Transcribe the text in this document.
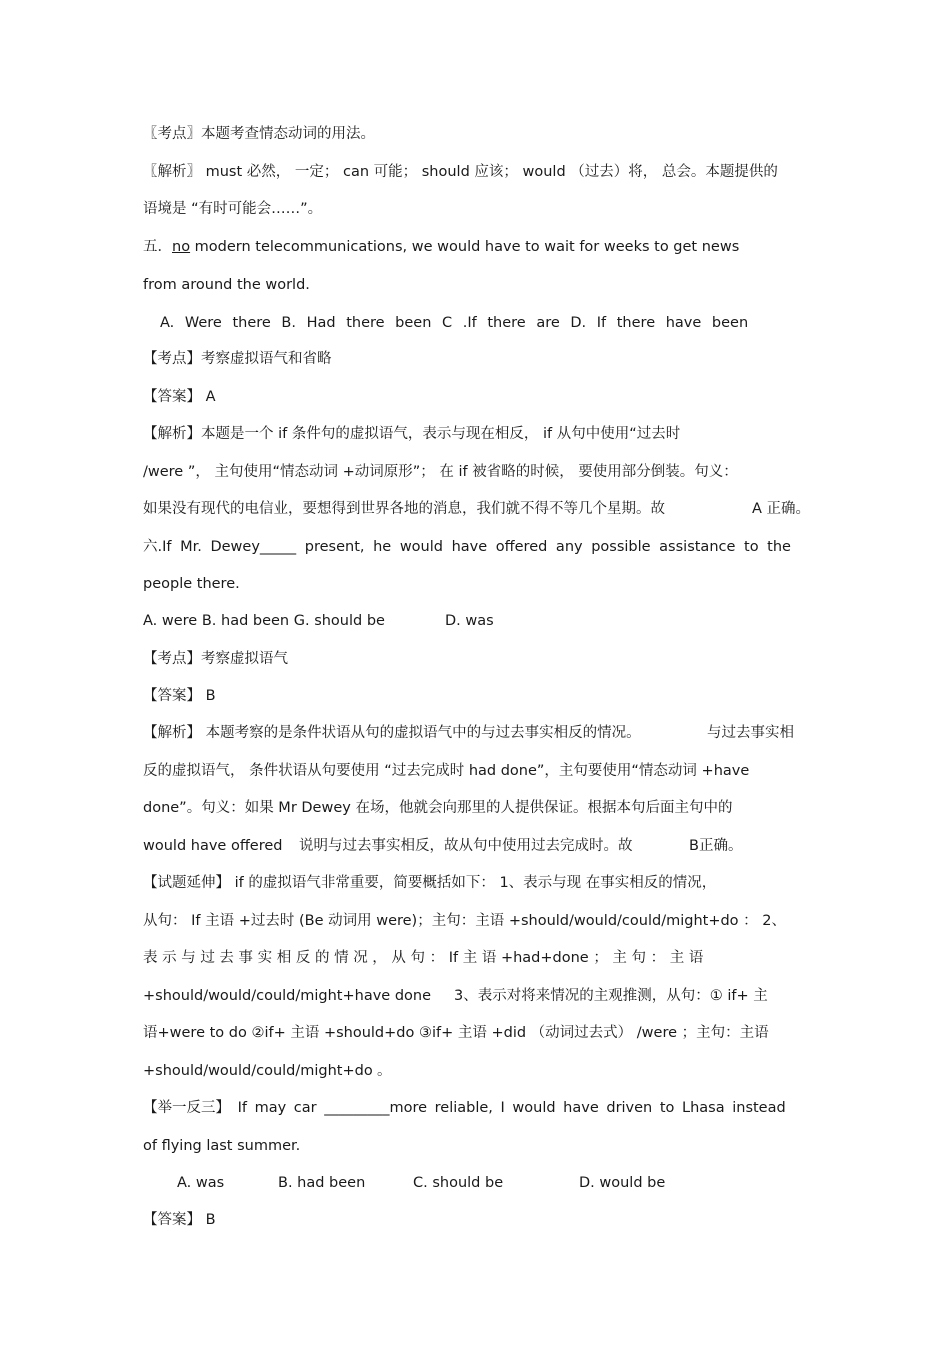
〖考点〗本题考查情态动词的用法。
〖解析〗 must 必然， 一定； can 可能； should 应该； would （过去）将， 总会。本题提供的
语境是 “有时可能会……”。
五．no modern telecommunications, we would have to wait for weeks to get news
from around the world.
A. Were there B. Had there been C .If there are D. If there have been
【考点】考察虚拟语气和省略
【答案】 A
【解析】本题是一个 if 条件句的虚拟语气，表示与现在相反， if 从句中使用“过去时
/were ”， 主句使用“情态动词 +动词原形”； 在 if 被省略的时候， 要使用部分倒装。句义：
如果没有现代的电信业，要想得到世界各地的消息，我们就不得不等几个星期。故	A 正确。
六.If Mr. Dewey_____ present, he would have offered any possible assistance to the
people there.
A. were B. had been G. should be	D. was
【考点】考察虚拟语气
【答案】 B
【解析】 本题考察的是条件状语从句的虚拟语气中的与过去事实相反的情况。	与过去事实相
反的虚拟语气， 条件状语从句要使用 “过去完成时 had done”，主句要使用“情态动词 +have
done”。句义：如果 Mr Dewey 在场，他就会向那里的人提供保证。根据本句后面主句中的
would have offered 说明与过去事实相反，故从句中使用过去完成时。故	B正确。
【试题延伸】 if 的虚拟语气非常重要，简要概括如下： 1、表示与现 在事实相反的情况，
从句： If 主语 +过去时 (Be 动词用 were)；主句：主语 +should/would/could/might+do ： 2、
表 示 与 过 去 事 实 相 反 的 情 况 ， 从 句 ： If 主 语 +had+done ； 主 句 ： 主 语
+should/would/could/might+have done 3、表示对将来情况的主观推测，从句：① if+ 主
语+were to do ②if+ 主语 +should+do ③if+ 主语 +did （动词过去式） /were ；主句：主语
+should/would/could/might+do 。
【举一反三】 If may car _________more reliable, I would have driven to Lhasa instead
of flying last summer.
A. was	B. had been	C. should be	D. would be
【答案】 B
